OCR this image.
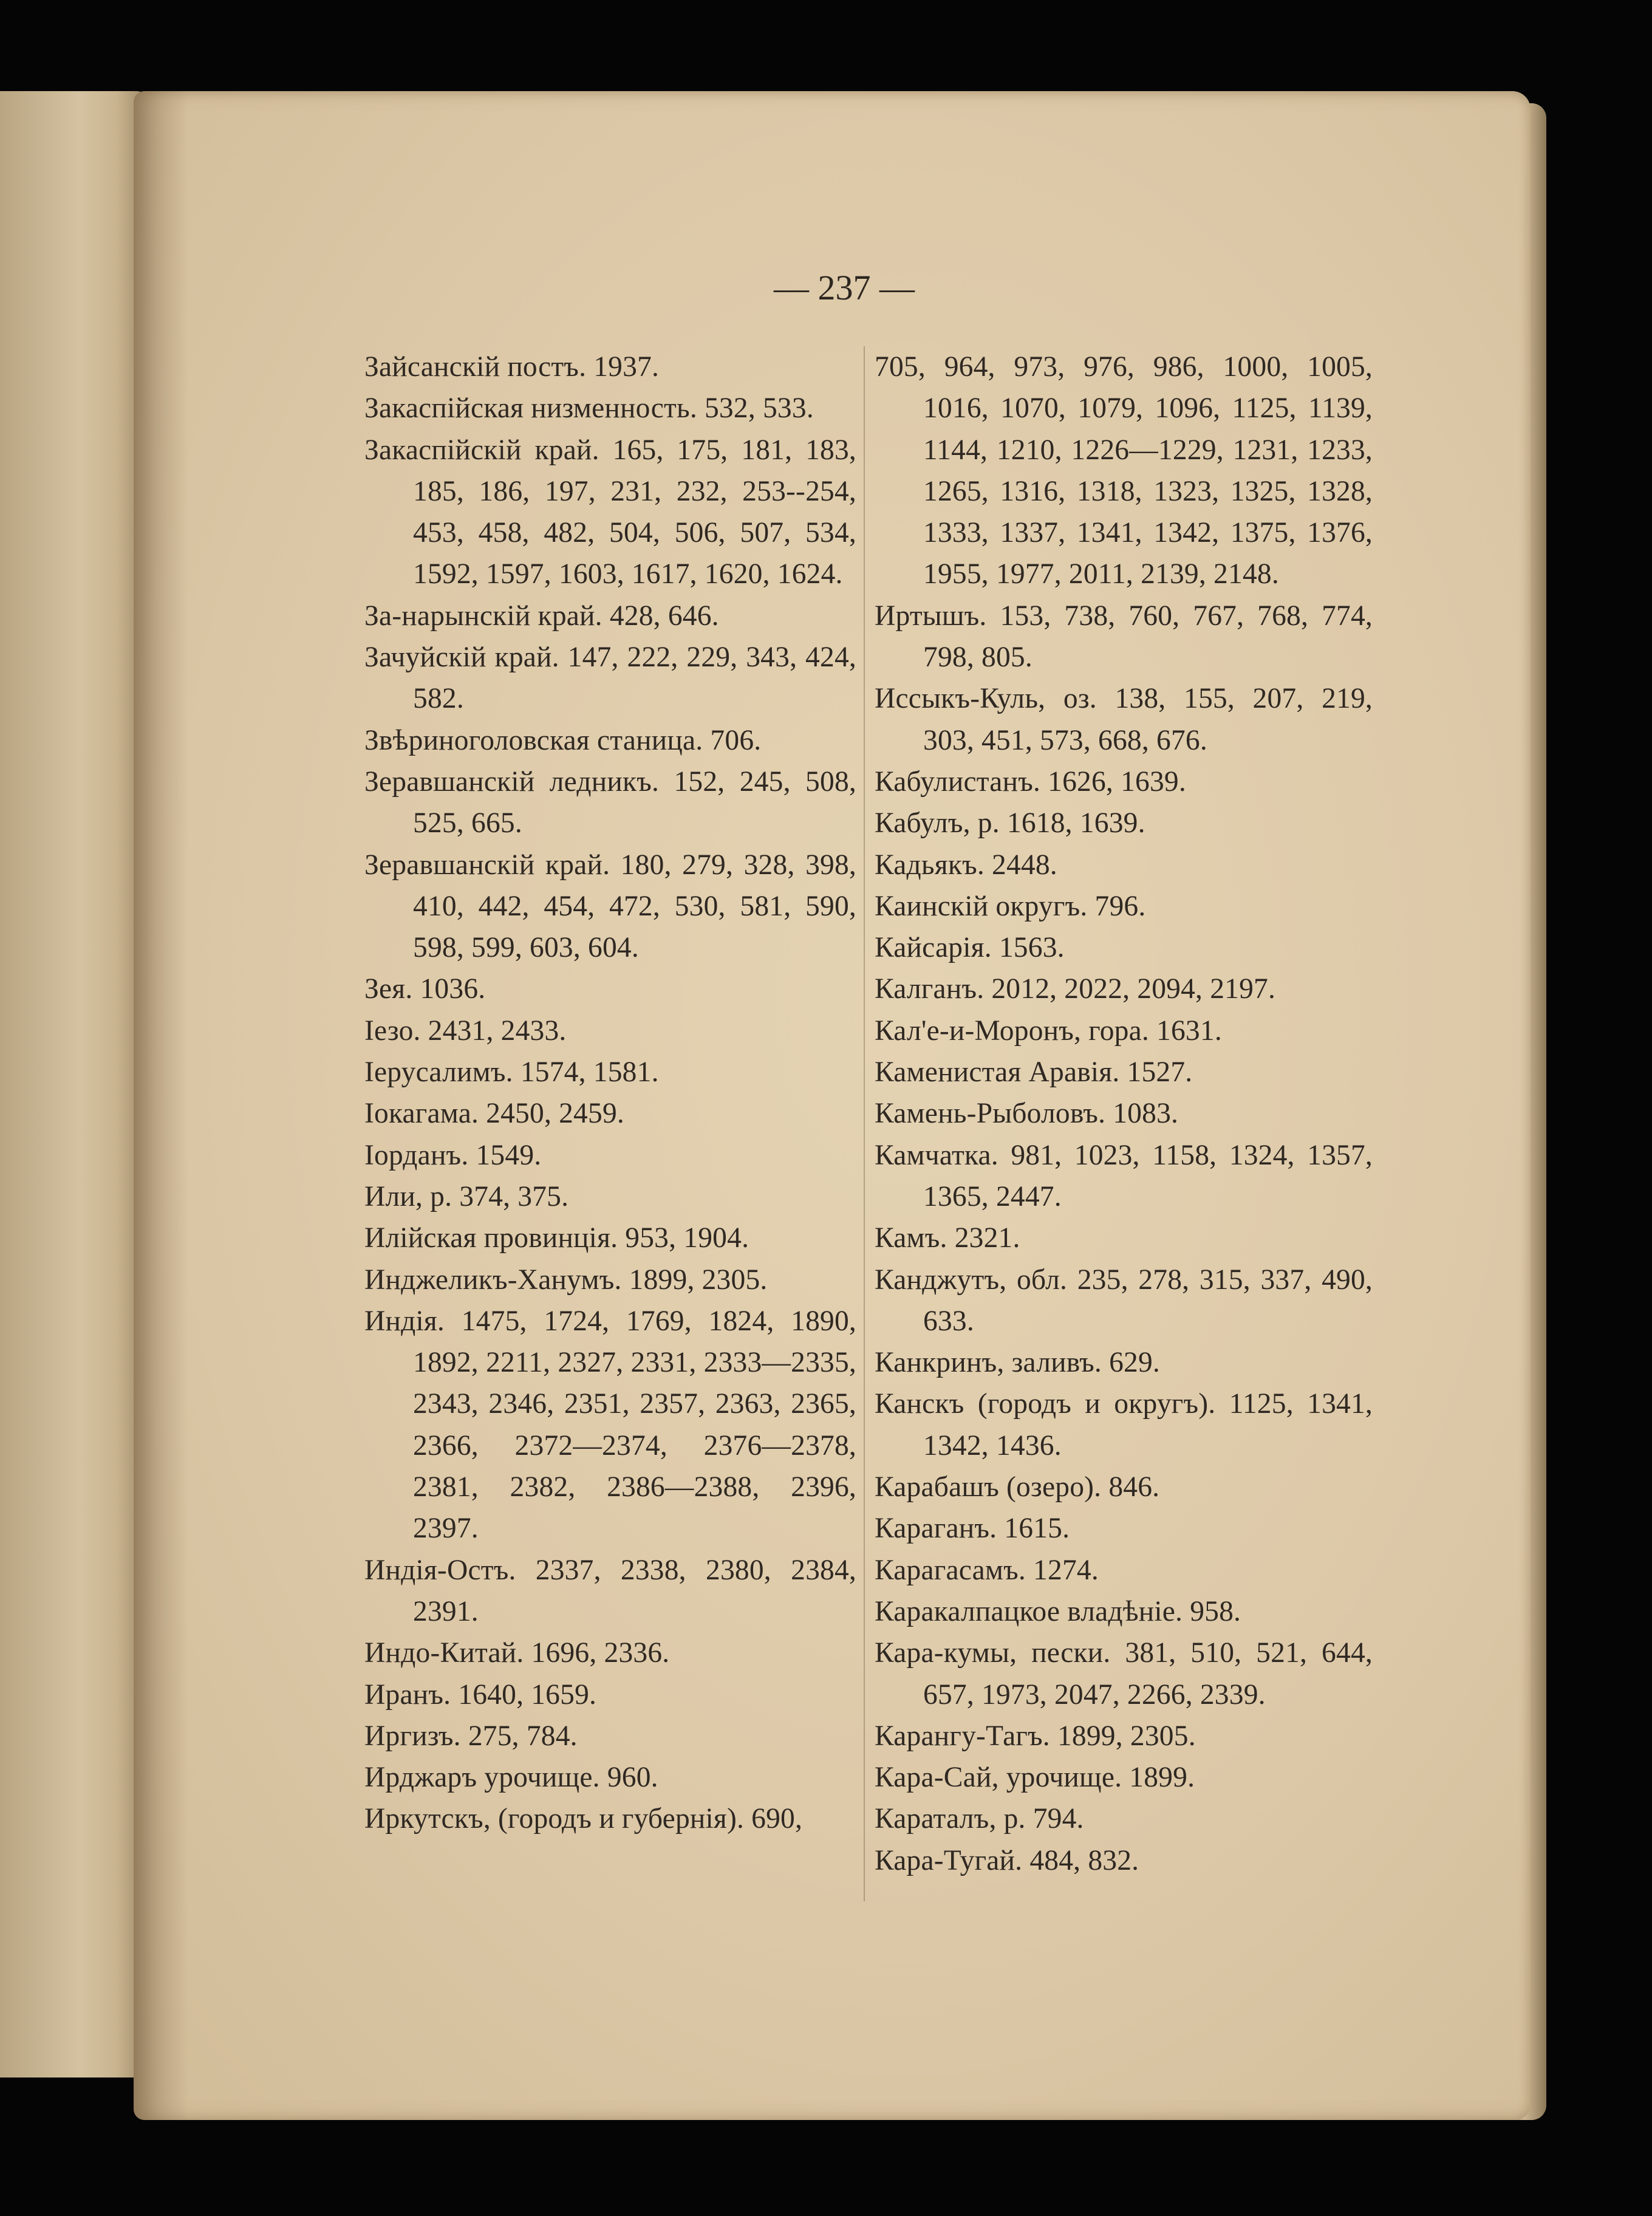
— 237 —

Зайсанскій постъ. 1937.

Закаспійская низменность. 532, 533.

Закаспійскій край. 165, 175, 181, 183, 185, 186, 197, 231, 232, 253--254, 453, 458, 482, 504, 506, 507, 534, 1592, 1597, 1603, 1617, 1620, 1624.

За-нарынскій край. 428, 646.

Зачуйскій край. 147, 222, 229, 343, 424, 582.

Звѣриноголовская станица. 706.

Зеравшанскій ледникъ. 152, 245, 508, 525, 665.

Зеравшанскій край. 180, 279, 328, 398, 410, 442, 454, 472, 530, 581, 590, 598, 599, 603, 604.

Зея. 1036.

Іезо. 2431, 2433.

Іерусалимъ. 1574, 1581.

Іокагама. 2450, 2459.

Іорданъ. 1549.

Или, р. 374, 375.

Илійская провинція. 953, 1904.

Инджеликъ-Ханумъ. 1899, 2305.

Индія. 1475, 1724, 1769, 1824, 1890, 1892, 2211, 2327, 2331, 2333—2335, 2343, 2346, 2351, 2357, 2363, 2365, 2366, 2372—2374, 2376—2378, 2381, 2382, 2386—2388, 2396, 2397.

Индія-Остъ. 2337, 2338, 2380, 2384, 2391.

Индо-Китай. 1696, 2336.

Иранъ. 1640, 1659.

Иргизъ. 275, 784.

Ирджаръ урочище. 960.

Иркутскъ, (городъ и губернія). 690,

705, 964, 973, 976, 986, 1000, 1005, 1016, 1070, 1079, 1096, 1125, 1139, 1144, 1210, 1226—1229, 1231, 1233, 1265, 1316, 1318, 1323, 1325, 1328, 1333, 1337, 1341, 1342, 1375, 1376, 1955, 1977, 2011, 2139, 2148.

Иртышъ. 153, 738, 760, 767, 768, 774, 798, 805.

Иссыкъ-Куль, оз. 138, 155, 207, 219, 303, 451, 573, 668, 676.

Кабулистанъ. 1626, 1639.

Кабулъ, р. 1618, 1639.

Кадьякъ. 2448.

Каинскій округъ. 796.

Кайсарія. 1563.

Калганъ. 2012, 2022, 2094, 2197.

Кал'е-и-Моронъ, гора. 1631.

Каменистая Аравія. 1527.

Камень-Рыболовъ. 1083.

Камчатка. 981, 1023, 1158, 1324, 1357, 1365, 2447.

Камъ. 2321.

Канджутъ, обл. 235, 278, 315, 337, 490, 633.

Канкринъ, заливъ. 629.

Канскъ (городъ и округъ). 1125, 1341, 1342, 1436.

Карабашъ (озеро). 846.

Караганъ. 1615.

Карагасамъ. 1274.

Каракалпацкое владѣніе. 958.

Кара-кумы, пески. 381, 510, 521, 644, 657, 1973, 2047, 2266, 2339.

Карангу-Тагъ. 1899, 2305.

Кара-Сай, урочище. 1899.

Караталъ, р. 794.

Кара-Тугай. 484, 832.
